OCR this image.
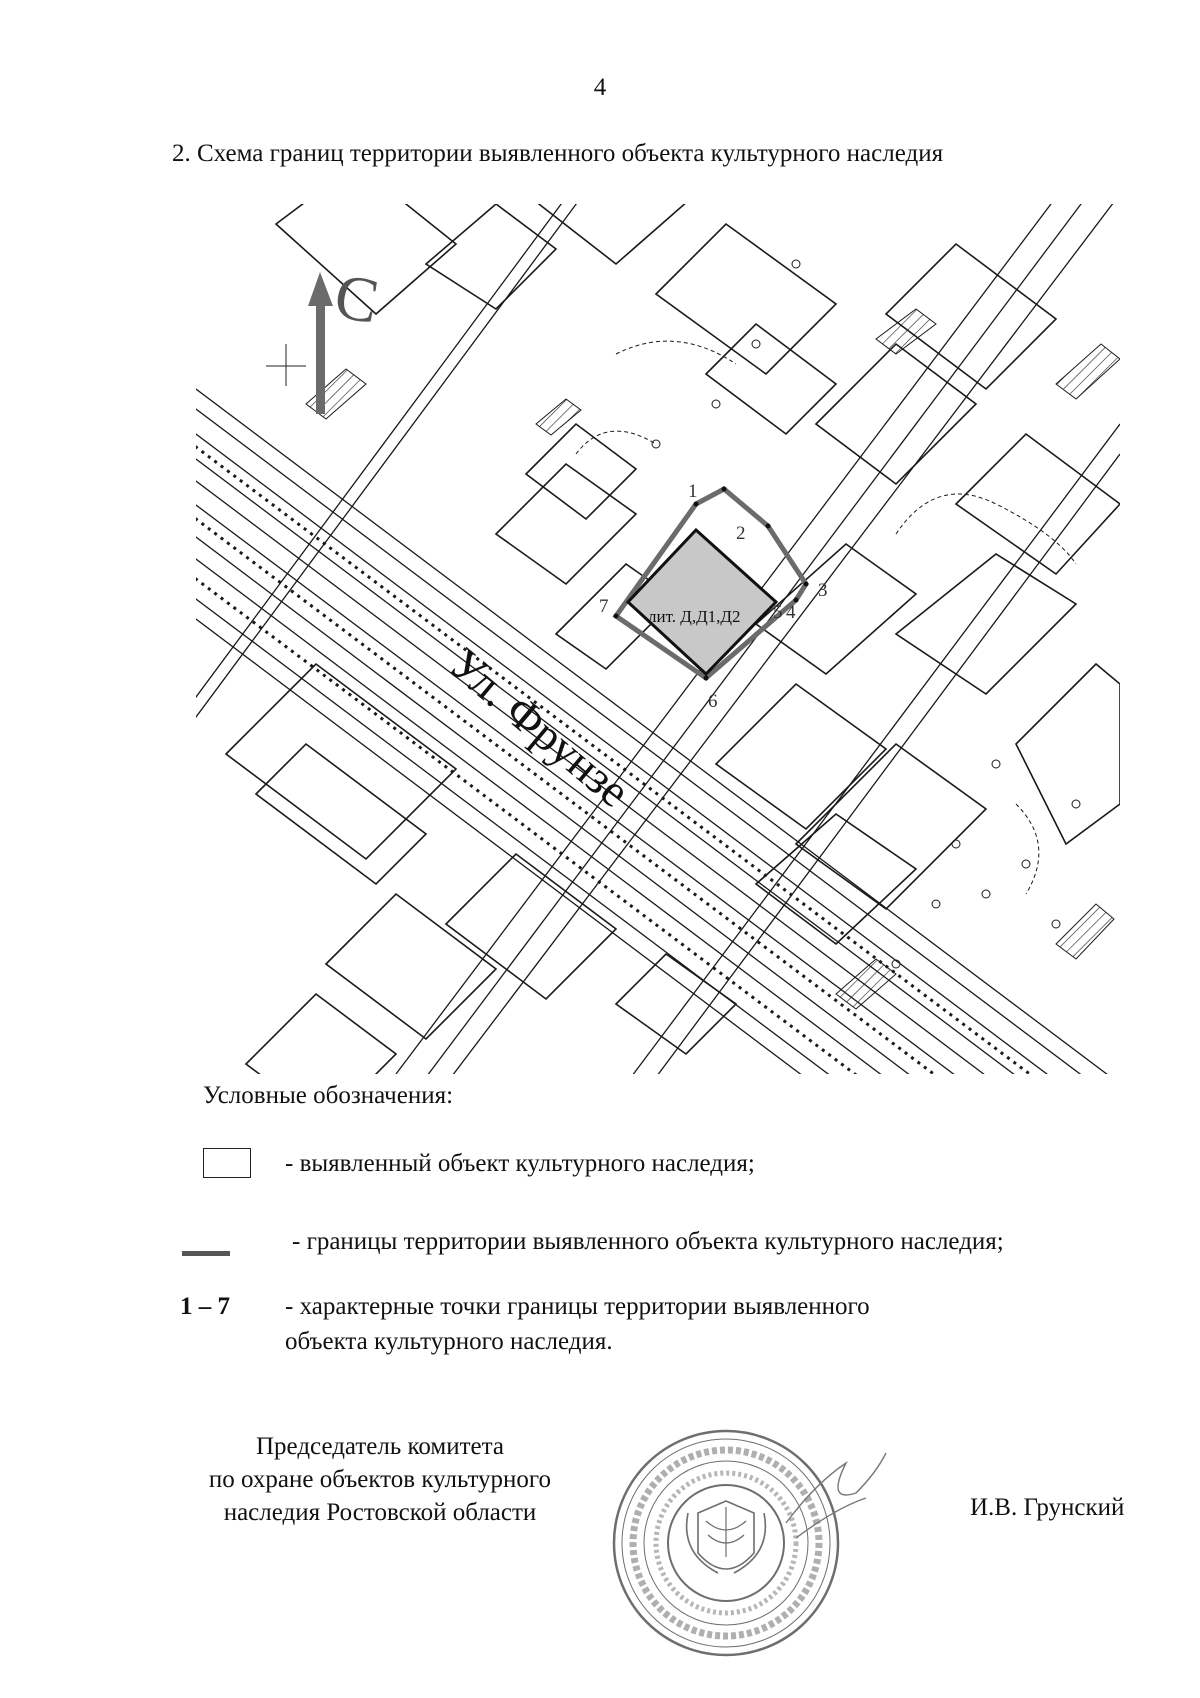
4
2. Схема границ территории выявленного объекта культурного наследия
С
Ул. Фрунзе
лит. Д,Д1,Д2
1
2
3
4
5
6
7
Условные обозначения:
- выявленный объект культурного наследия;
- границы территории выявленного объекта культурного наследия;
1 – 7 - характерные точки границы территории выявленного
объекта культурного наследия.
Председатель комитета
по охране объектов культурного
наследия Ростовской области	И.В. Грунский
